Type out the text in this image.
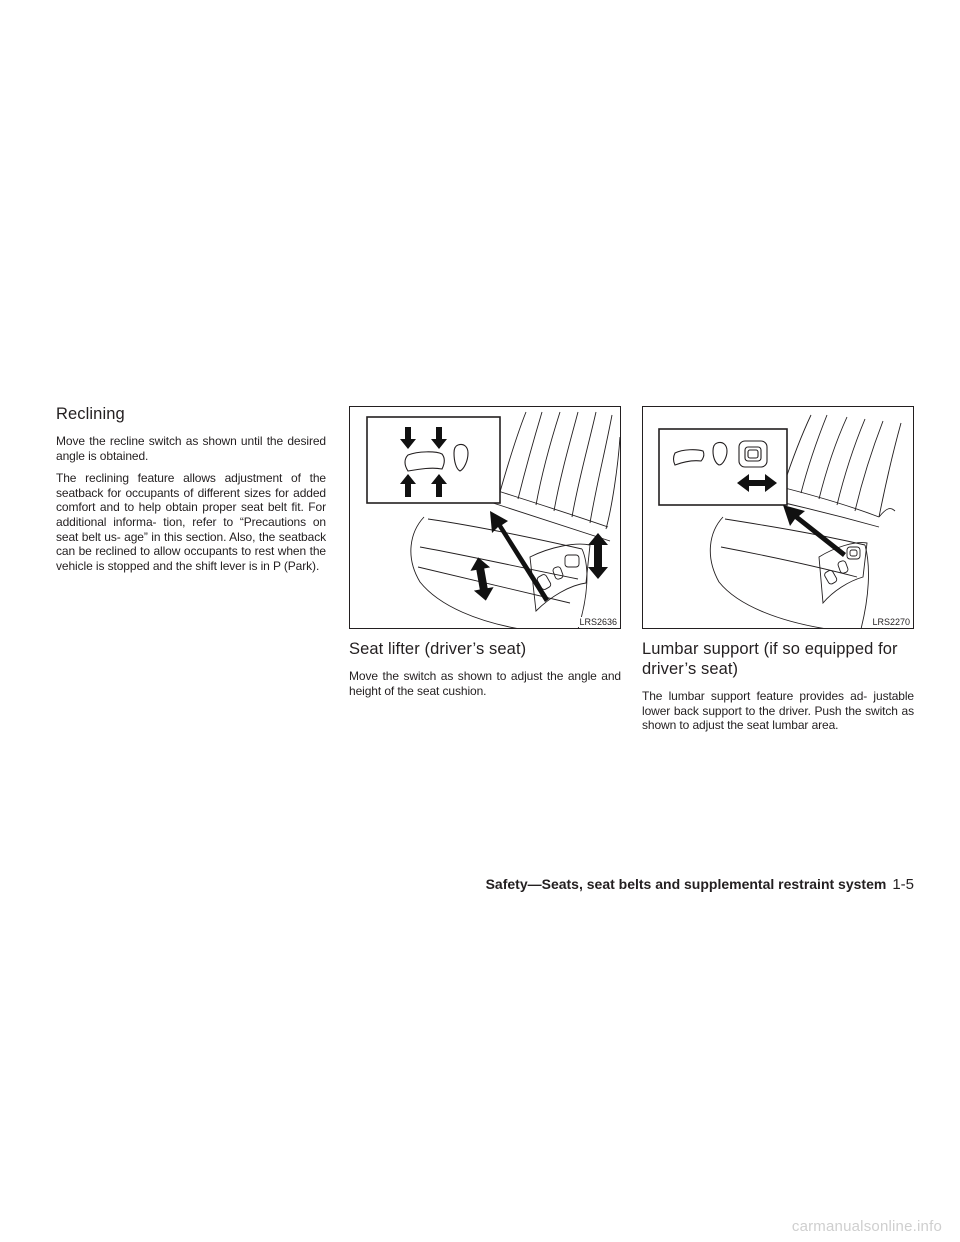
Reclining

Move the recline switch as shown until the desired angle is obtained.

The reclining feature allows adjustment of the seatback for occupants of different sizes for added comfort and to help obtain proper seat belt fit. For additional informa- tion, refer to “Precautions on seat belt us- age” in this section. Also, the seatback can be reclined to allow occupants to rest when the vehicle is stopped and the shift lever is in P (Park).

LRS2636
Seat lifter (driver’s seat)

Move the switch as shown to adjust the angle and height of the seat cushion.

LRS2270
Lumbar support (if so equipped for driver’s seat)

The lumbar support feature provides ad- justable lower back support to the driver. Push the switch as shown to adjust the seat lumbar area.

Safety—Seats, seat belts and supplemental restraint system 1-5
carmanualsonline.info
